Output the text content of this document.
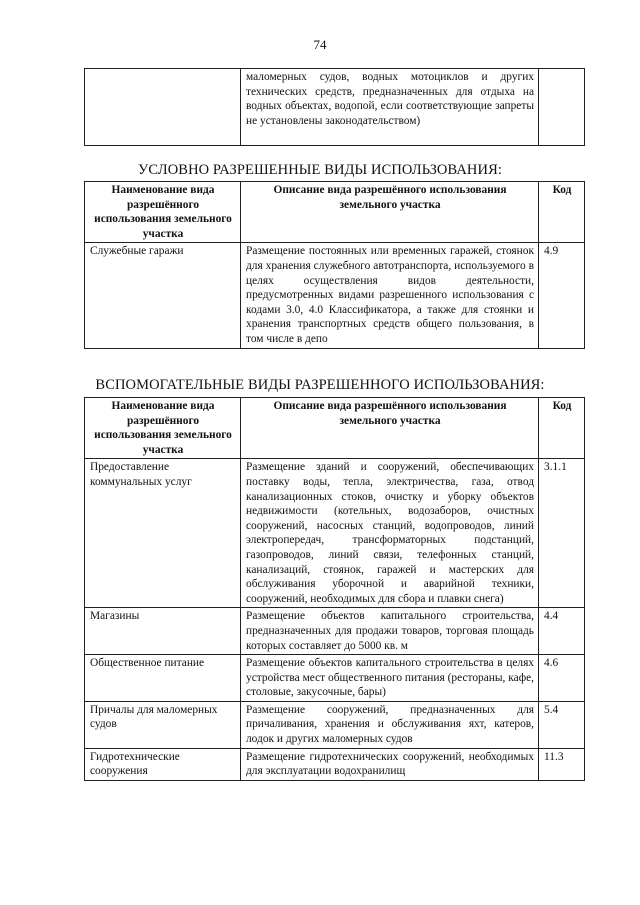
74
	маломерных судов, водных мотоциклов и других технических средств, предназначенных для отдыха на водных объектах, водопой, если соответствующие запреты не установлены законодательством)	
УСЛОВНО РАЗРЕШЕННЫЕ ВИДЫ ИСПОЛЬЗОВАНИЯ:
Наименование вида разрешённого использования земельного участка	Описание вида разрешённого использования земельного участка	Код
Служебные гаражи	Размещение постоянных или временных гаражей, стоянок для хранения служебного автотранспорта, используемого в целях осуществления видов деятельности, предусмотренных видами разрешенного использования с кодами 3.0, 4.0 Классификатора, а также для стоянки и хранения транспортных средств общего пользования, в том числе в депо	4.9
ВСПОМОГАТЕЛЬНЫЕ ВИДЫ РАЗРЕШЕННОГО ИСПОЛЬЗОВАНИЯ:
Наименование вида разрешённого использования земельного участка	Описание вида разрешённого использования земельного участка	Код
Предоставление коммунальных услуг	Размещение зданий и сооружений, обеспечивающих поставку воды, тепла, электричества, газа, отвод канализационных стоков, очистку и уборку объектов недвижимости (котельных, водозаборов, очистных сооружений, насосных станций, водопроводов, линий электропередач, трансформаторных подстанций, газопроводов, линий связи, телефонных станций, канализаций, стоянок, гаражей и мастерских для обслуживания уборочной и аварийной техники, сооружений, необходимых для сбора и плавки снега)	3.1.1
Магазины	Размещение объектов капитального строительства, предназначенных для продажи товаров, торговая площадь которых составляет до 5000 кв. м	4.4
Общественное питание	Размещение объектов капитального строительства в целях устройства мест общественного питания (рестораны, кафе, столовые, закусочные, бары)	4.6
Причалы для маломерных судов	Размещение сооружений, предназначенных для причаливания, хранения и обслуживания яхт, катеров, лодок и других маломерных судов	5.4
Гидротехнические сооружения	Размещение гидротехнических сооружений, необходимых для эксплуатации водохранилищ	11.3
